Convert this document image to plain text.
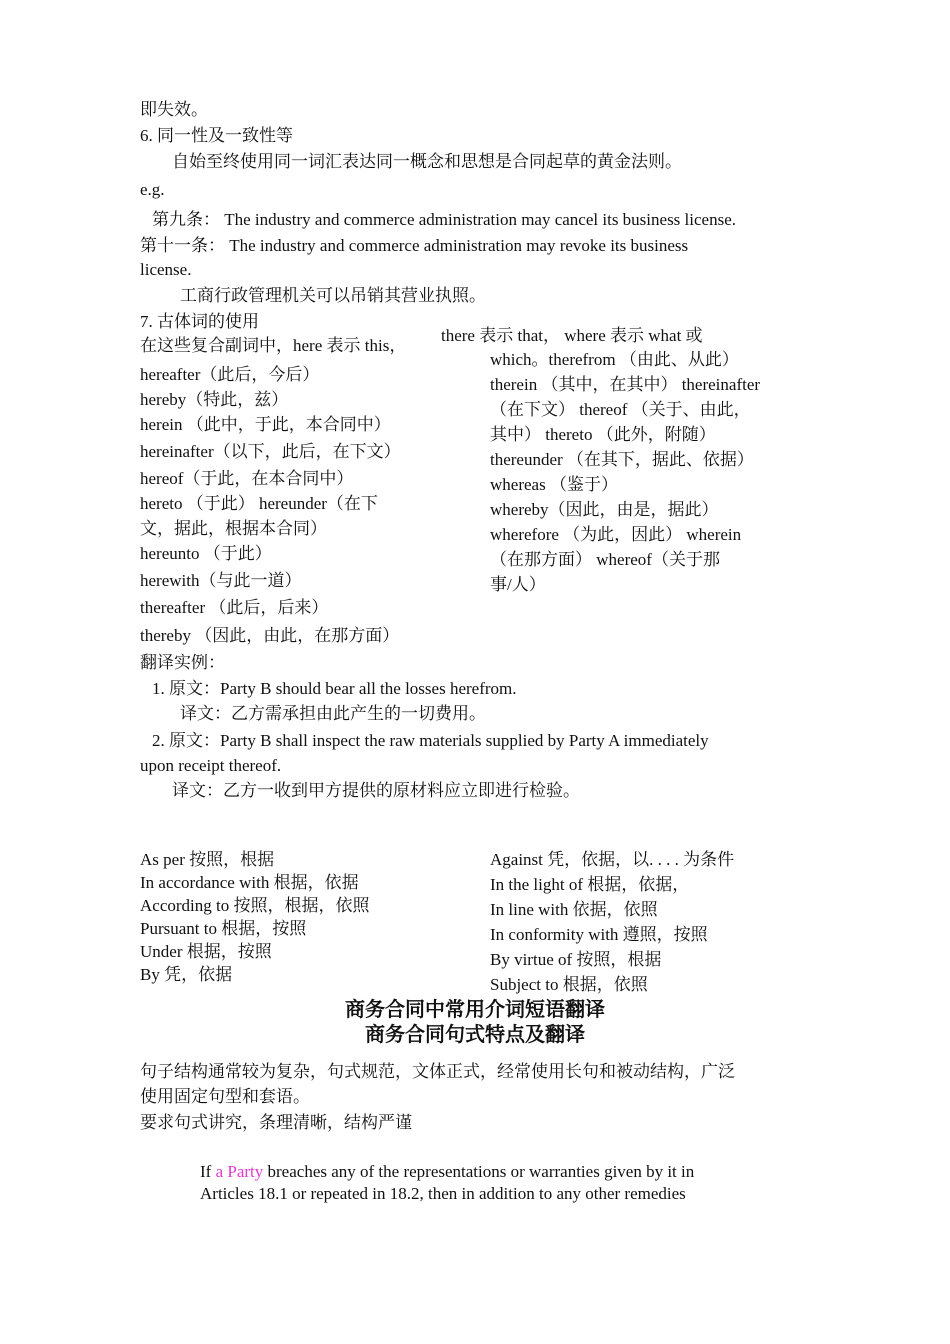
即失效。
6. 同一性及一致性等
自始至终使用同一词汇表达同一概念和思想是合同起草的黄金法则。
e.g.
第九条： The industry and commerce administration may cancel its business license.
第十一条： The industry and commerce administration may revoke its business
license.
工商行政管理机关可以吊销其营业执照。
7. 古体词的使用
在这些复合副词中，here 表示 this，
hereafter（此后，今后）
hereby（特此，兹）
herein （此中，于此，本合同中）
hereinafter（以下，此后，在下文）
hereof（于此，在本合同中）
hereto （于此） hereunder（在下
文，据此，根据本合同）
hereunto （于此）
herewith（与此一道）
thereafter （此后，后来）
thereby （因此，由此，在那方面）
there 表示 that， where 表示 what 或
which。therefrom （由此、从此）
therein （其中，在其中） thereinafter
（在下文） thereof （关于、由此，
其中） thereto （此外，附随）
thereunder （在其下，据此、依据）
whereas （鉴于）
whereby（因此，由是，据此）
wherefore （为此，因此） wherein
（在那方面） whereof（关于那
事/人）
翻译实例：
1. 原文：Party B should bear all the losses herefrom.
译文：乙方需承担由此产生的一切费用。
2. 原文：Party B shall inspect the raw materials supplied by Party A immediately
upon receipt thereof.
译文：乙方一收到甲方提供的原材料应立即进行检验。
As per 按照，根据
In accordance with 根据，依据
According to 按照，根据，依照
Pursuant to 根据，按照
Under 根据，按照
By 凭，依据
Against 凭，依据，以. . . . 为条件
In the light of 根据，依据，
In line with 依据，依照
In conformity with 遵照，按照
By virtue of 按照，根据
Subject to 根据，依照
商务合同中常用介词短语翻译
商务合同句式特点及翻译
句子结构通常较为复杂，句式规范，文体正式，经常使用长句和被动结构，广泛
使用固定句型和套语。
要求句式讲究，条理清晰，结构严谨
If a Party breaches any of the representations or warranties given by it in
Articles 18.1 or repeated in 18.2, then in addition to any other remedies
